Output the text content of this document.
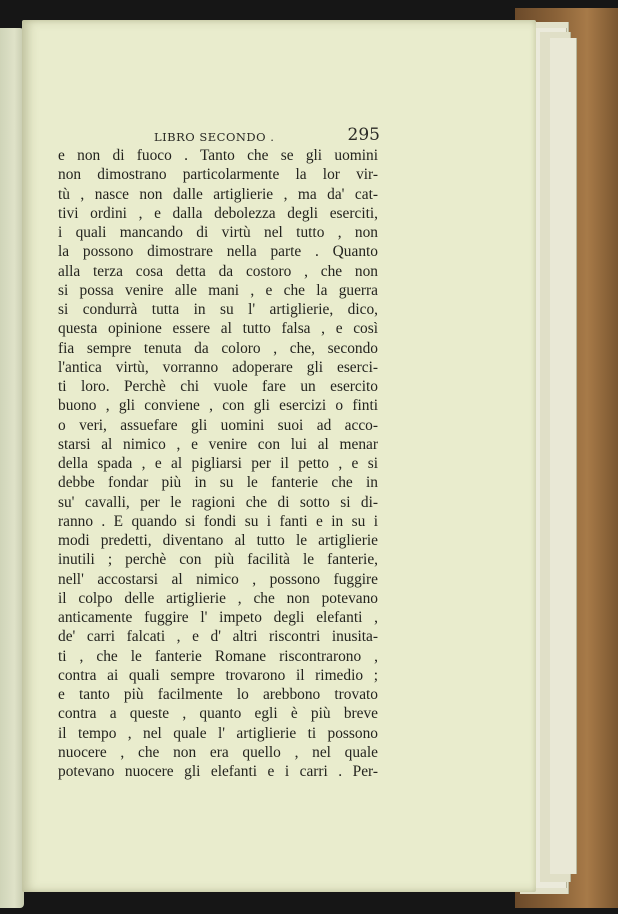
LIBRO SECONDO .	295
e non di fuoco . Tanto che se gli uomini
non dimostrano particolarmente la lor vir-
tù , nasce non dalle artiglierie , ma da' cat-
tivi ordini , e dalla debolezza degli eserciti,
i quali mancando di virtù nel tutto , non
la possono dimostrare nella parte . Quanto
alla terza cosa detta da costoro , che non
si possa venire alle mani , e che la guerra
si condurrà tutta in su l' artiglierie, dico,
questa opinione essere al tutto falsa , e così
fia sempre tenuta da coloro , che, secondo
l'antica virtù, vorranno adoperare gli eserci-
ti loro. Perchè chi vuole fare un esercito
buono , gli conviene , con gli esercizi o finti
o veri, assuefare gli uomini suoi ad acco-
starsi al nimico , e venire con lui al menar
della spada , e al pigliarsi per il petto , e si
debbe fondar più in su le fanterie che in
su' cavalli, per le ragioni che di sotto si di-
ranno . E quando si fondi su i fanti e in su i
modi predetti, diventano al tutto le artiglierie
inutili ; perchè con più facilità le fanterie,
nell' accostarsi al nimico , possono fuggire
il colpo delle artiglierie , che non potevano
anticamente fuggire l' impeto degli elefanti ,
de' carri falcati , e d' altri riscontri inusita-
ti , che le fanterie Romane riscontrarono ,
contra ai quali sempre trovarono il rimedio ;
e tanto più facilmente lo arebbono trovato
contra a queste , quanto egli è più breve
il tempo , nel quale l' artiglierie ti possono
nuocere , che non era quello , nel quale
potevano nuocere gli elefanti e i carri . Per-
